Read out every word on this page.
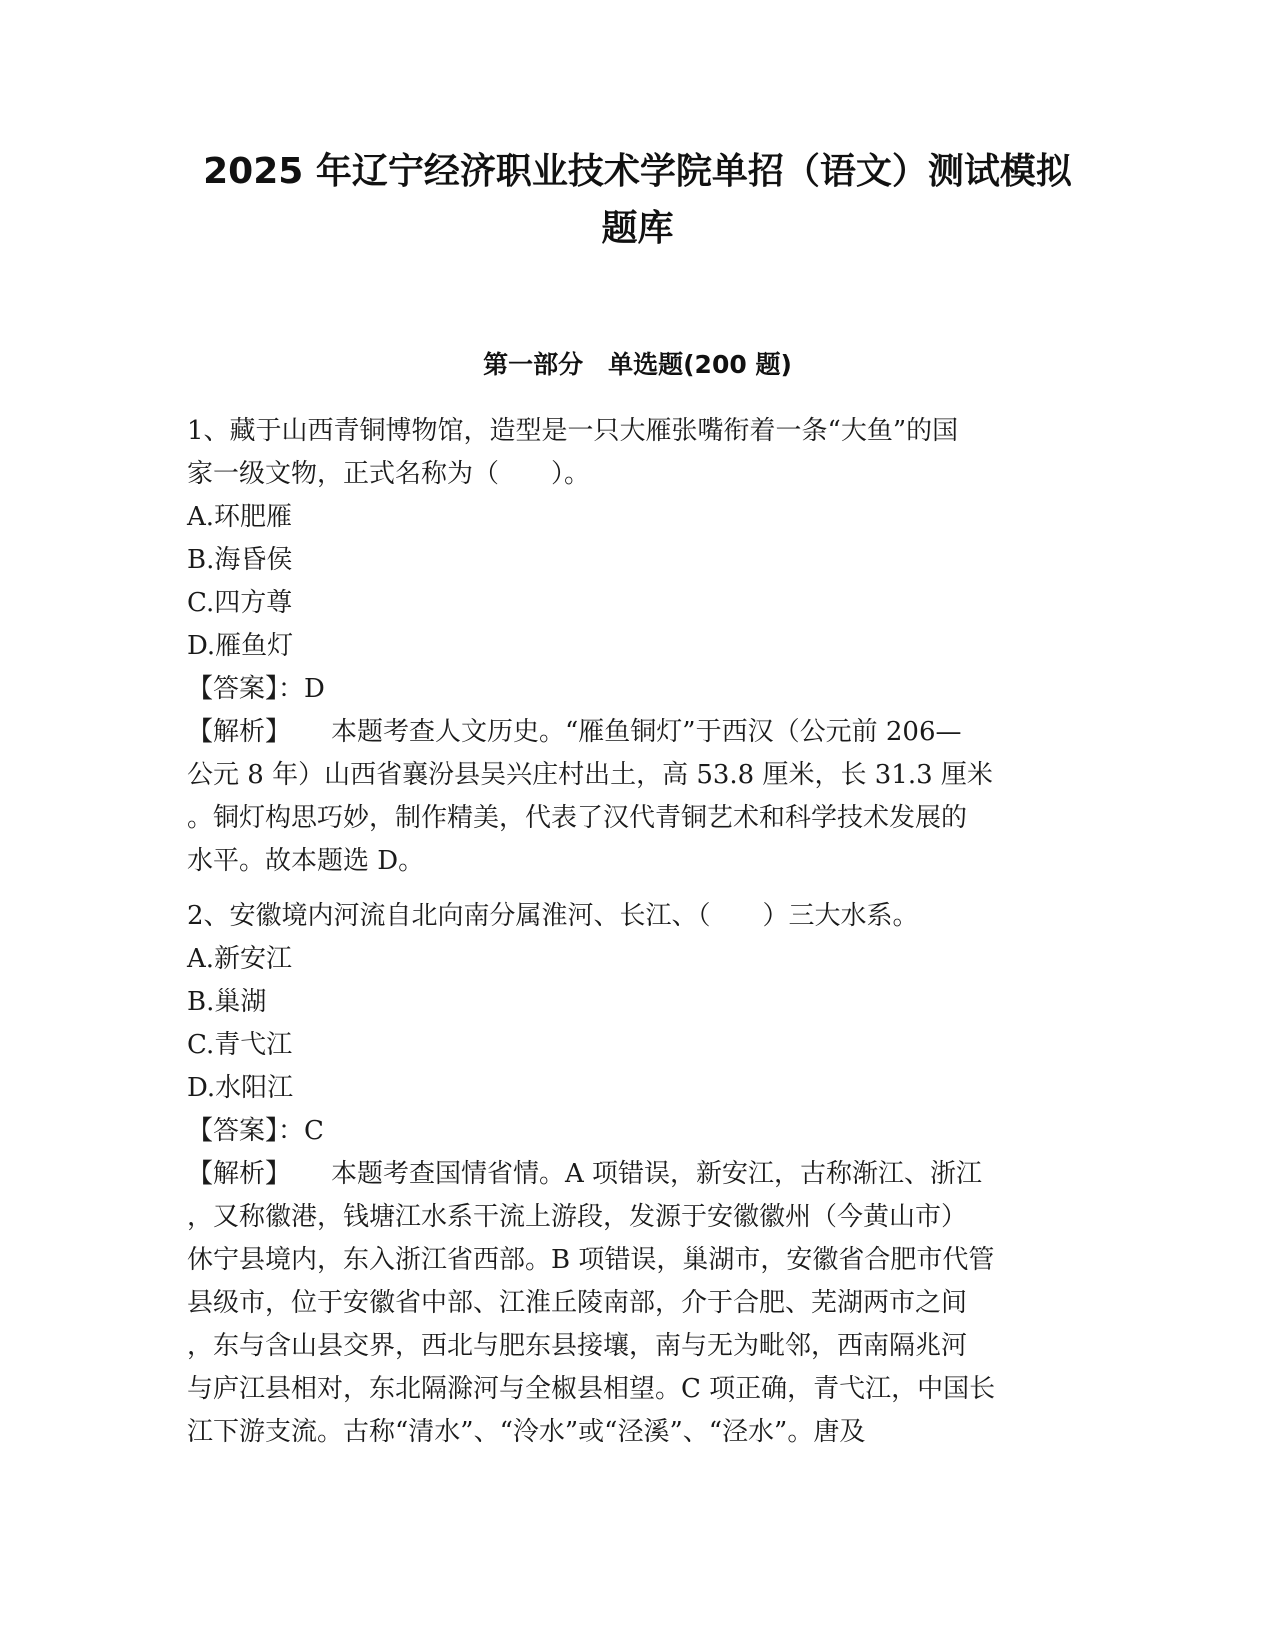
2025 年辽宁经济职业技术学院单招（语文）测试模拟
题库
第一部分　单选题(200 题)
1、藏于山西青铜博物馆，造型是一只大雁张嘴衔着一条“大鱼”的国
家一级文物，正式名称为（　　）。
A.环肥雁
B.海昏侯
C.四方尊
D.雁鱼灯
【答案】：D
【解析】 本题考查人文历史。“雁鱼铜灯”于西汉（公元前 206—
公元 8 年）山西省襄汾县吴兴庄村出土，高 53.8 厘米，长 31.3 厘米
。铜灯构思巧妙，制作精美，代表了汉代青铜艺术和科学技术发展的
水平。故本题选 D。
2、安徽境内河流自北向南分属淮河、长江、（　　）三大水系。
A.新安江
B.巢湖
C.青弋江
D.水阳江
【答案】：C
【解析】 本题考查国情省情。A 项错误，新安江，古称渐江、浙江
，又称徽港，钱塘江水系干流上游段，发源于安徽徽州（今黄山市）
休宁县境内，东入浙江省西部。B 项错误，巢湖市，安徽省合肥市代管
县级市，位于安徽省中部、江淮丘陵南部，介于合肥、芜湖两市之间
，东与含山县交界，西北与肥东县接壤，南与无为毗邻，西南隔兆河
与庐江县相对，东北隔滁河与全椒县相望。C 项正确，青弋江，中国长
江下游支流。古称“清水”、“泠水”或“泾溪”、“泾水”。唐及
